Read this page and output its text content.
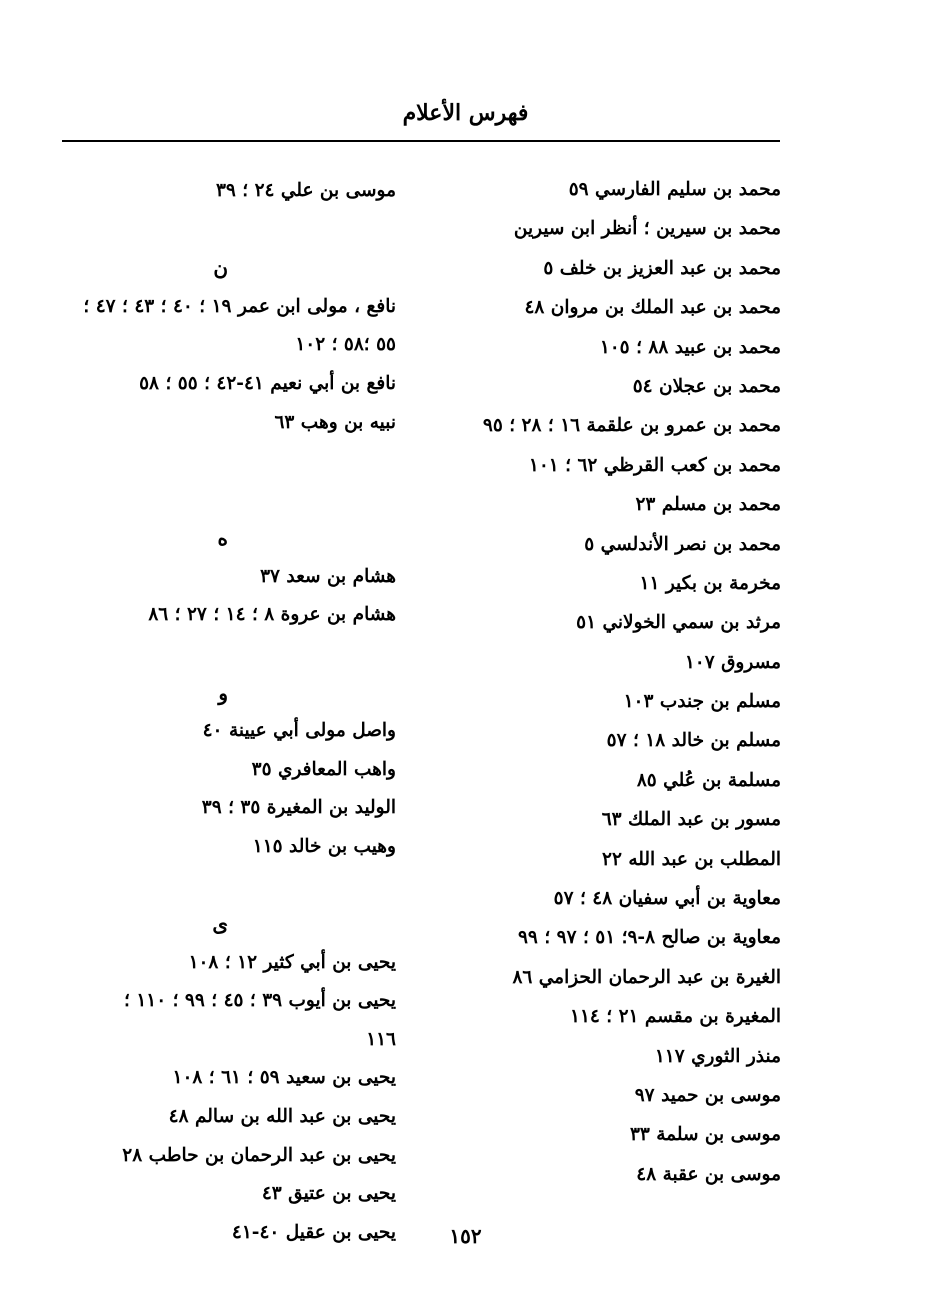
فهرس الأعلام
محمد بن سليم الفارسي ٥٩
محمد بن سيرين ؛ أنظر ابن سيرين
محمد بن عبد العزيز بن خلف ٥
محمد بن عبد الملك بن مروان ٤٨
محمد بن عبيد ٨٨ ؛ ١٠٥
محمد بن عجلان ٥٤
محمد بن عمرو بن علقمة ١٦ ؛ ٢٨ ؛ ٩٥
محمد بن كعب القرظي ٦٢ ؛ ١٠١
محمد بن مسلم ٢٣
محمد بن نصر الأندلسي ٥
مخرمة بن بكير ١١
مرثد بن سمي الخولاني ٥١
مسروق ١٠٧
مسلم بن جندب ١٠٣
مسلم بن خالد ١٨ ؛ ٥٧
مسلمة بن عُلي ٨٥
مسور بن عبد الملك ٦٣
المطلب بن عبد الله ٢٢
معاوية بن أبي سفيان ٤٨ ؛ ٥٧
معاوية بن صالح ٨-٩؛ ٥١ ؛ ٩٧ ؛ ٩٩
الغيرة بن عبد الرحمان الحزامي ٨٦
المغيرة بن مقسم ٢١ ؛ ١١٤
منذر الثوري ١١٧
موسى بن حميد ٩٧
موسى بن سلمة ٣٣
موسى بن عقبة ٤٨
موسى بن علي ٢٤ ؛ ٣٩
ن
نافع ، مولى ابن عمر ١٩ ؛ ٤٠ ؛ ٤٣ ؛ ٤٧ ؛
٥٥ ؛٥٨ ؛ ١٠٢
نافع بن أبي نعيم ٤١-٤٢ ؛ ٥٥ ؛ ٥٨
نبيه بن وهب ٦٣
ه
هشام بن سعد ٣٧
هشام بن عروة ٨ ؛ ١٤ ؛ ٢٧ ؛ ٨٦
و
واصل مولى أبي عيينة ٤٠
واهب المعافري ٣٥
الوليد بن المغيرة ٣٥ ؛ ٣٩
وهيب بن خالد ١١٥
ى
يحيى بن أبي كثير ١٢ ؛ ١٠٨
يحيى بن أيوب ٣٩ ؛ ٤٥ ؛ ٩٩ ؛ ١١٠ ؛
١١٦
يحيى بن سعيد ٥٩ ؛ ٦١ ؛ ١٠٨
يحيى بن عبد الله بن سالم ٤٨
يحيى بن عبد الرحمان بن حاطب ٢٨
يحيى بن عتيق ٤٣
يحيى بن عقيل ٤٠-٤١	١٥٢
